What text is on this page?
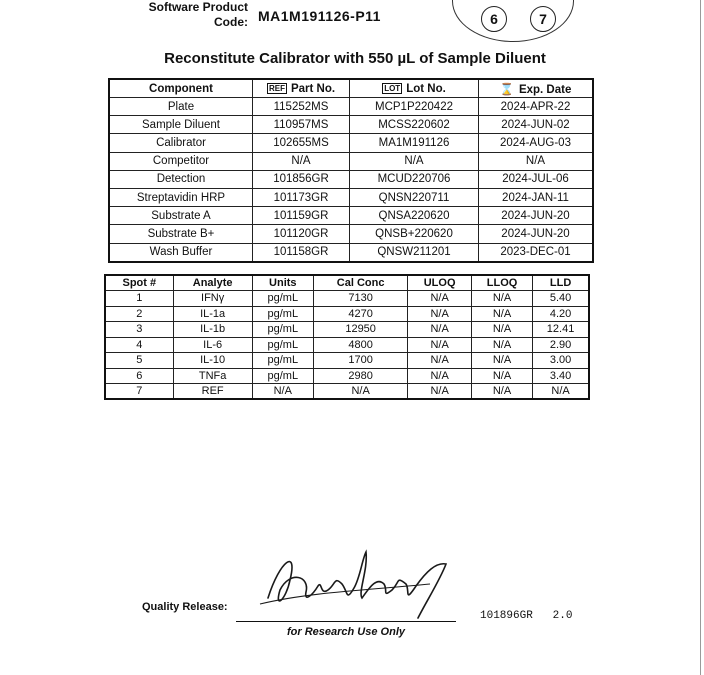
Software Product
Code: MA1M191126-P11	6	7
Reconstitute Calibrator with 550 µL of Sample Diluent
Component	REF Part No.	LOT Lot No.	⌛ Exp. Date
Plate	115252MS	MCP1P220422	2024-APR-22
Sample Diluent	110957MS	MCSS220602	2024-JUN-02
Calibrator	102655MS	MA1M191126	2024-AUG-03
Competitor	N/A	N/A	N/A
Detection	101856GR	MCUD220706	2024-JUL-06
Streptavidin HRP	101173GR	QNSN220711	2024-JAN-11
Substrate A	101159GR	QNSA220620	2024-JUN-20
Substrate B+	101120GR	QNSB+220620	2024-JUN-20
Wash Buffer	101158GR	QNSW211201	2023-DEC-01
Spot #	Analyte	Units	Cal Conc	ULOQ	LLOQ	LLD
1	IFNγ	pg/mL	7130	N/A	N/A	5.40
2	IL-1a	pg/mL	4270	N/A	N/A	4.20
3	IL-1b	pg/mL	12950	N/A	N/A	12.41
4	IL-6	pg/mL	4800	N/A	N/A	2.90
5	IL-10	pg/mL	1700	N/A	N/A	3.00
6	TNFa	pg/mL	2980	N/A	N/A	3.40
7	REF	N/A	N/A	N/A	N/A	N/A
Quality Release:
for Research Use Only
101896GR 2.0
